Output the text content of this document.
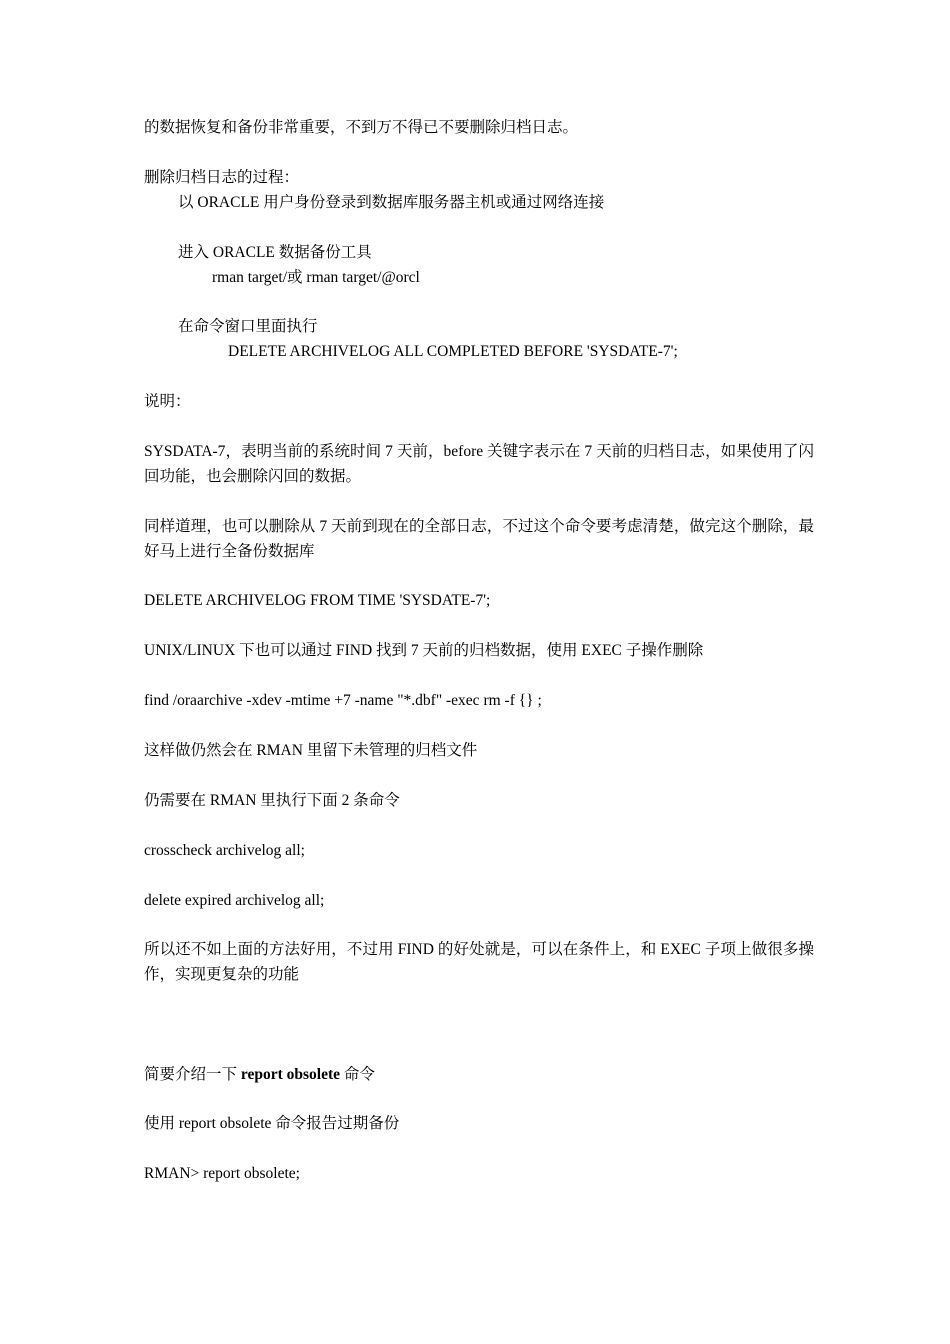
的数据恢复和备份非常重要，不到万不得已不要删除归档日志。
删除归档日志的过程：
以 ORACLE 用户身份登录到数据库服务器主机或通过网络连接
进入 ORACLE 数据备份工具
rman target/或 rman target/@orcl
在命令窗口里面执行
DELETE ARCHIVELOG ALL COMPLETED BEFORE 'SYSDATE-7';
说明：
SYSDATA-7，表明当前的系统时间 7 天前，before 关键字表示在 7 天前的归档日志，如果使用了闪回功能，也会删除闪回的数据。
同样道理，也可以删除从 7 天前到现在的全部日志，不过这个命令要考虑清楚，做完这个删除，最好马上进行全备份数据库
DELETE ARCHIVELOG FROM TIME 'SYSDATE-7';
UNIX/LINUX 下也可以通过 FIND 找到 7 天前的归档数据，使用 EXEC 子操作删除
find /oraarchive -xdev -mtime +7 -name "*.dbf" -exec rm -f {} ;
这样做仍然会在 RMAN 里留下未管理的归档文件
仍需要在 RMAN 里执行下面 2 条命令
crosscheck archivelog all;
delete expired archivelog all;
所以还不如上面的方法好用，不过用 FIND 的好处就是，可以在条件上，和 EXEC 子项上做很多操作，实现更复杂的功能
简要介绍一下 report obsolete 命令
使用 report obsolete 命令报告过期备份
RMAN> report obsolete;
